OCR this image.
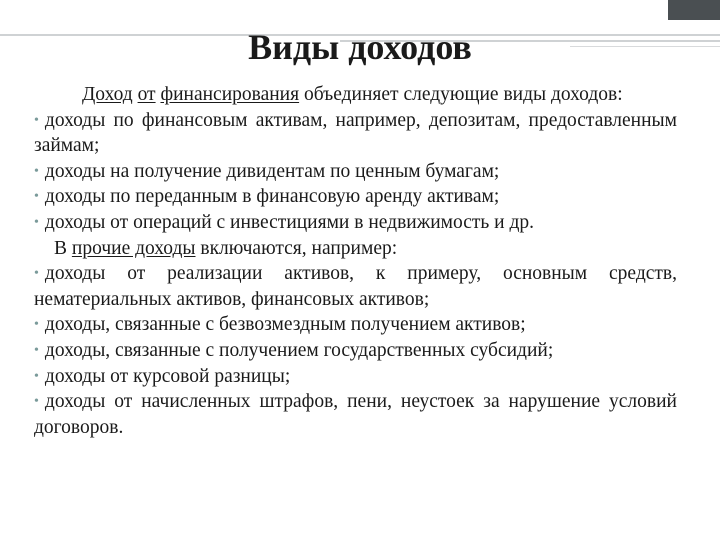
Виды доходов
Доход от финансирования объединяет следующие виды доходов:
• доходы по финансовым активам, например, депозитам, предоставленным займам;
• доходы на получение дивидентам по ценным бумагам;
• доходы по переданным в финансовую аренду активам;
• доходы от операций с инвестициями в недвижимость и др.
В прочие доходы включаются, например:
• доходы от реализации активов, к примеру, основным средств, нематериальных активов, финансовых активов;
• доходы, связанные с безвозмездным получением активов;
• доходы, связанные с получением государственных субсидий;
• доходы от курсовой разницы;
• доходы от начисленных штрафов, пени, неустоек за нарушение условий договоров.
